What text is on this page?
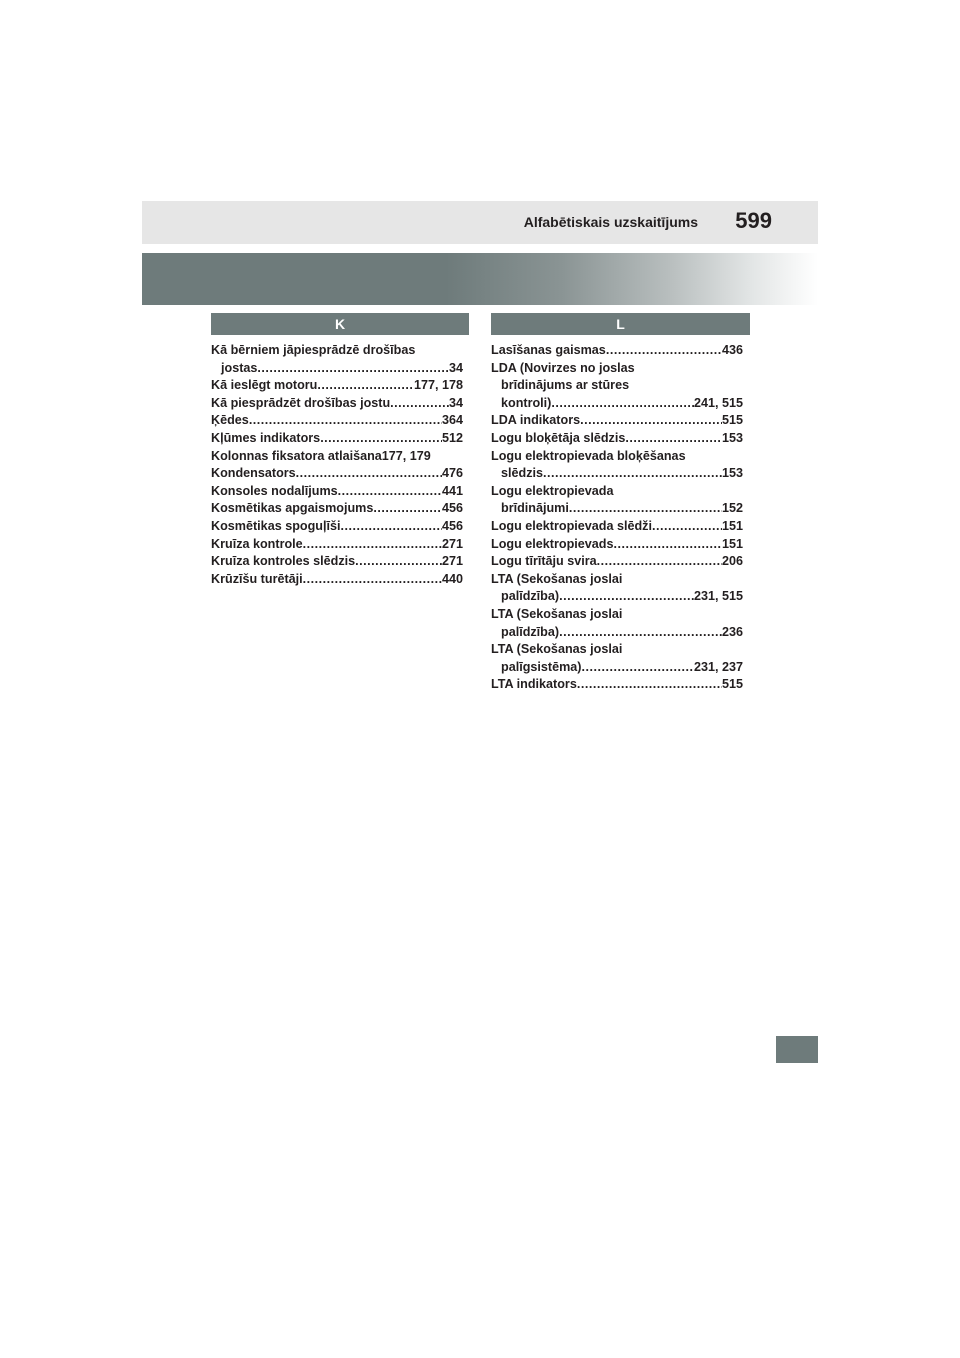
Alfabētiskais uzskaitījums 599
K	L
Kā bērniem jāpiesprādzē drošības
jostas .....	34
Kā ieslēgt motoru .....	177, 178
Kā piesprādzēt drošības jostu .....	34
Ķēdes .....	364
Kļūmes indikators .....	512
Kolonnas fiksatora atlaišana 177, 179
Kondensators .....	476
Konsoles nodalījums .....	441
Kosmētikas apgaismojums .....	456
Kosmētikas spoguļīši .....	456
Kruīza kontrole .....	271
Kruīza kontroles slēdzis .....	271
Krūzīšu turētāji .....	440
Lasīšanas gaismas .....	436
LDA (Novirzes no joslas
brīdinājums ar stūres
kontroli) .....	241, 515
LDA indikators .....	515
Logu bloķētāja slēdzis .....	153
Logu elektropievada bloķēšanas
slēdzis .....	153
Logu elektropievada
brīdinājumi .....	152
Logu elektropievada slēdži .....	151
Logu elektropievads .....	151
Logu tīrītāju svira .....	206
LTA (Sekošanas joslai
palīdzība) .....	231, 515
LTA (Sekošanas joslai
palīdzība) .....	236
LTA (Sekošanas joslai
palīgsistēma) .....	231, 237
LTA indikators .....	515
